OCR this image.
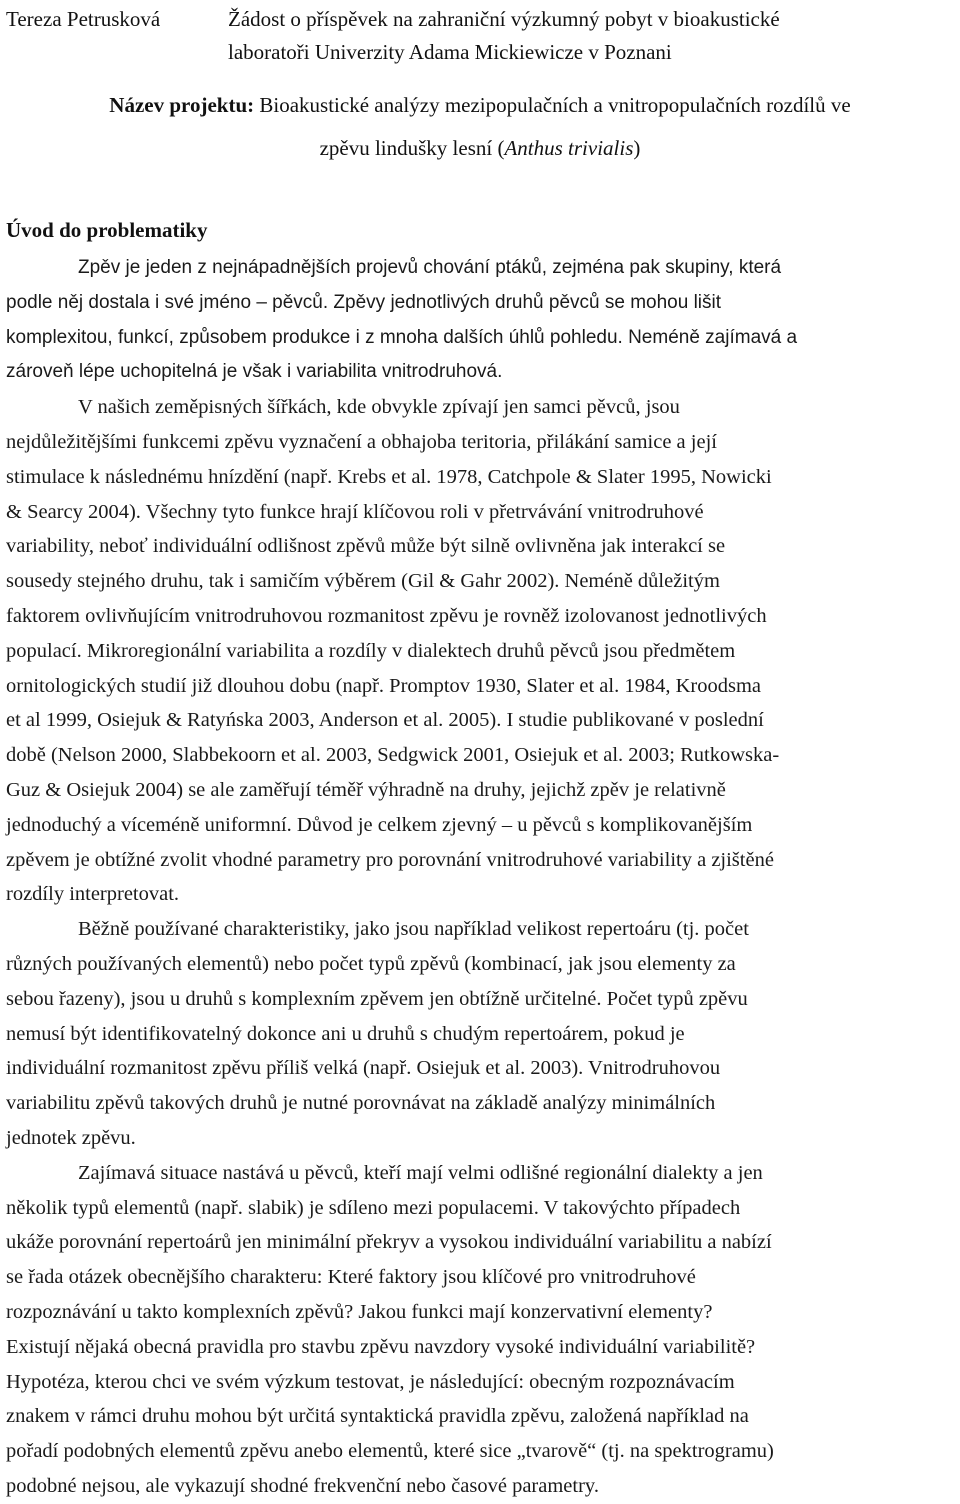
Tereza Petrusková	Žádost o příspěvek na zahraniční výzkumný pobyt v bioakustické
laboratoři Univerzity Adama Mickiewicze v Poznani
Název projektu: Bioakustické analýzy mezipopulačních a vnitropopulačních rozdílů ve
zpěvu lindušky lesní (Anthus trivialis)
Úvod do problematiky
Zpěv je jeden z nejnápadnějších projevů chování ptáků, zejména pak skupiny, která
podle něj dostala i své jméno – pěvců. Zpěvy jednotlivých druhů pěvců se mohou lišit
komplexitou, funkcí, způsobem produkce i z mnoha dalších úhlů pohledu. Neméně zajímavá a
zároveň lépe uchopitelná je však i variabilita vnitrodruhová.
V našich zeměpisných šířkách, kde obvykle zpívají jen samci pěvců, jsou
nejdůležitějšími funkcemi zpěvu vyznačení a obhajoba teritoria, přilákání samice a její
stimulace k následnému hnízdění (např. Krebs et al. 1978, Catchpole & Slater 1995, Nowicki
& Searcy 2004). Všechny tyto funkce hrají klíčovou roli v přetrvávání vnitrodruhové
variability, neboť individuální odlišnost zpěvů může být silně ovlivněna jak interakcí se
sousedy stejného druhu, tak i samičím výběrem (Gil & Gahr 2002). Neméně důležitým
faktorem ovlivňujícím vnitrodruhovou rozmanitost zpěvu je rovněž izolovanost jednotlivých
populací. Mikroregionální variabilita a rozdíly v dialektech druhů pěvců jsou předmětem
ornitologických studií již dlouhou dobu (např. Promptov 1930, Slater et al. 1984, Kroodsma
et al 1999, Osiejuk & Ratyńska 2003, Anderson et al. 2005). I studie publikované v poslední
době (Nelson 2000, Slabbekoorn et al. 2003, Sedgwick 2001, Osiejuk et al. 2003; Rutkowska-
Guz & Osiejuk 2004) se ale zaměřují téměř výhradně na druhy, jejichž zpěv je relativně
jednoduchý a víceméně uniformní. Důvod je celkem zjevný – u pěvců s komplikovanějším
zpěvem je obtížné zvolit vhodné parametry pro porovnání vnitrodruhové variability a zjištěné
rozdíly interpretovat.
Běžně používané charakteristiky, jako jsou například velikost repertoáru (tj. počet
různých používaných elementů) nebo počet typů zpěvů (kombinací, jak jsou elementy za
sebou řazeny), jsou u druhů s komplexním zpěvem jen obtížně určitelné. Počet typů zpěvu
nemusí být identifikovatelný dokonce ani u druhů s chudým repertoárem, pokud je
individuální rozmanitost zpěvu příliš velká (např. Osiejuk et al. 2003). Vnitrodruhovou
variabilitu zpěvů takových druhů je nutné porovnávat na základě analýzy minimálních
jednotek zpěvu.
Zajímavá situace nastává u pěvců, kteří mají velmi odlišné regionální dialekty a jen
několik typů elementů (např. slabik) je sdíleno mezi populacemi. V takovýchto případech
ukáže porovnání repertoárů jen minimální překryv a vysokou individuální variabilitu a nabízí
se řada otázek obecnějšího charakteru: Které faktory jsou klíčové pro vnitrodruhové
rozpoznávání u takto komplexních zpěvů? Jakou funkci mají konzervativní elementy?
Existují nějaká obecná pravidla pro stavbu zpěvu navzdory vysoké individuální variabilitě?
Hypotéza, kterou chci ve svém výzkum testovat, je následující: obecným rozpoznávacím
znakem v rámci druhu mohou být určitá syntaktická pravidla zpěvu, založená například na
pořadí podobných elementů zpěvu anebo elementů, které sice „tvarově“ (tj. na spektrogramu)
podobné nejsou, ale vykazují shodné frekvenční nebo časové parametry.
